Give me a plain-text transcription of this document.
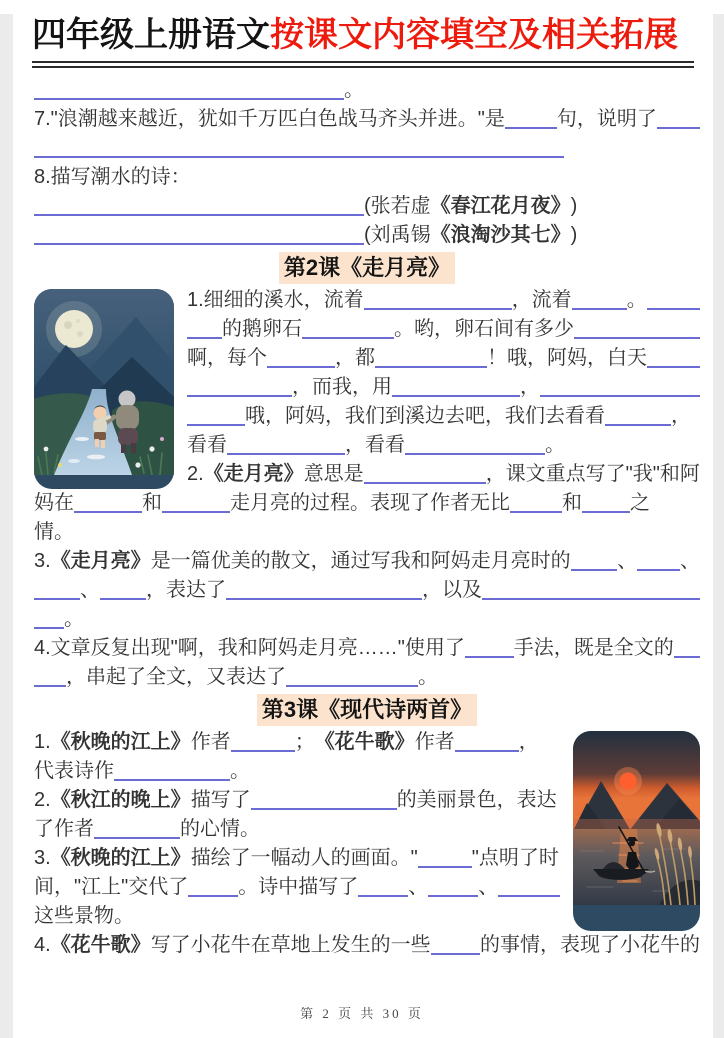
四年级上册语文按课文内容填空及相关拓展
。
7."浪潮越来越近，犹如千万匹白色战马齐头并进。"是	句，说明了
8.描写潮水的诗：
(张若虚 《春江花月夜》 )
(刘禹锡 《浪淘沙其七》 )
第2课《走月亮》
1.细细的溪水，流着	，流着	。
的鹅卵石	。哟，卵石间有多少
啊，每个	，都	！哦，阿妈，白天
，而我，用	，
哦，阿妈，我们到溪边去吧，我们去看看	，
看看	，看看	。
2. 《走月亮》 意思是	，课文重点写了"我"和阿
妈在	和	走月亮的过程。表现了作者无比	和 之
情。
3. 《走月亮》 是一篇优美的散文，通过写我和阿妈走月亮时的 、 、
、 ，表达了	，以及
。
4.文章反复出现"啊，我和阿妈走月亮……"使用了 手法，既是全文的
，串起了全文，又表达了	。
第3课《现代诗两首》
1. 《秋晚的江上》 作者	； 《花牛歌》 作者	，
代表诗作	。
2. 《秋江的晚上》 描写了	的美丽景色，表达
了作者	的心情。
3. 《秋晚的江上》 描绘了一幅动人的画面。"	"点明了时
间，"江上"交代了	。诗中描写了	、	、
这些景物。
4. 《花牛歌》 写了小花牛在草地上发生的一些 的事情，表现了小花牛的
第 2 页 共 30 页
